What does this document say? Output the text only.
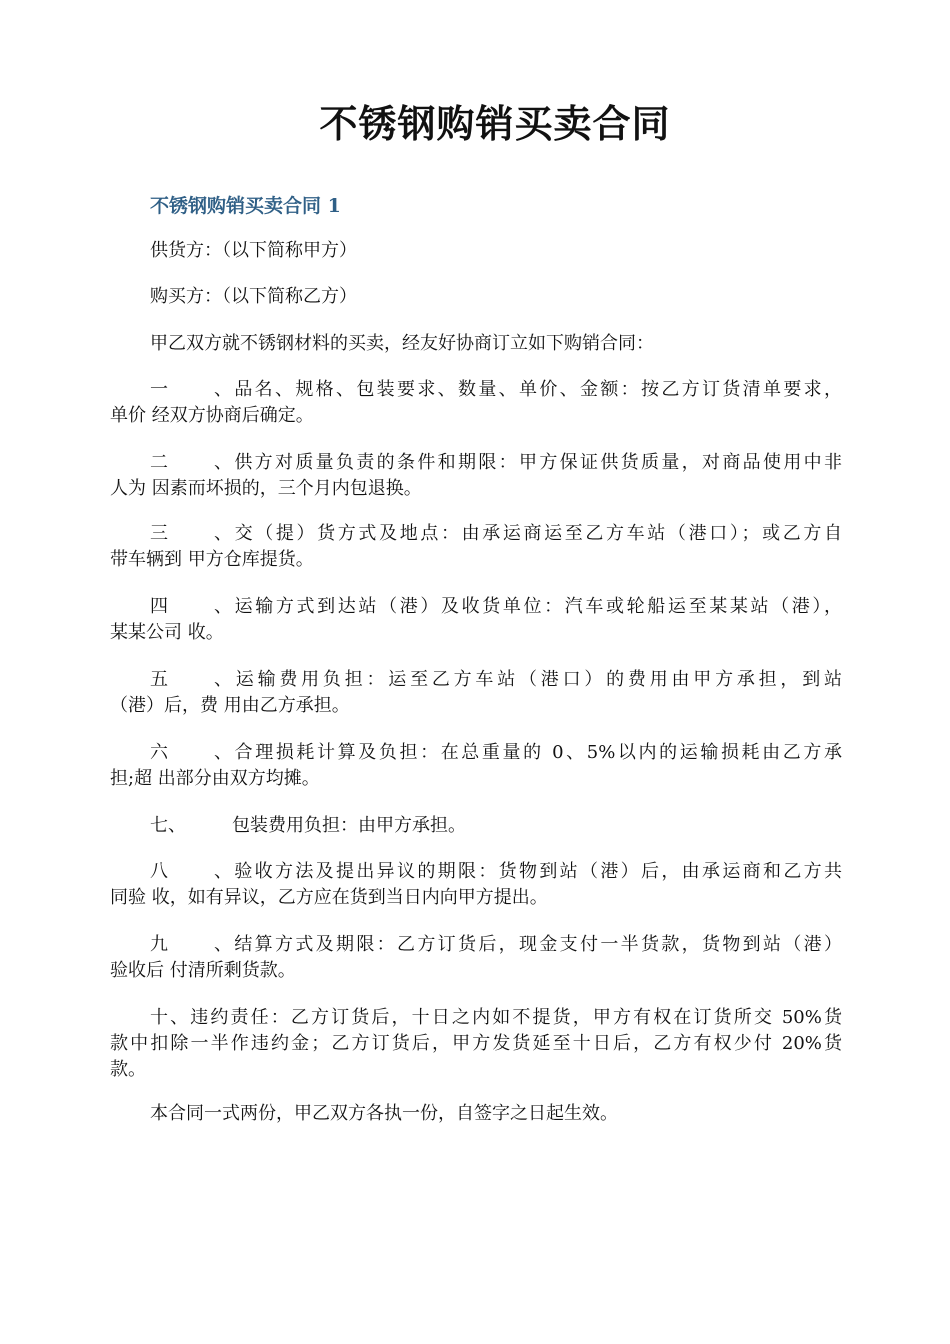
不锈钢购销买卖合同
不锈钢购销买卖合同 1

供货方：（以下简称甲方）

购买方：（以下简称乙方）

甲乙双方就不锈钢材料的买卖，经友好协商订立如下购销合同：

一、品名、规格、包装要求、数量、单价、金额：按乙方订货清单要求，
单价 经双方协商后确定。

二、供方对质量负责的条件和期限：甲方保证供货质量，对商品使用中非
人为 因素而坏损的，三个月内包退换。

三、交（提）货方式及地点：由承运商运至乙方车站（港口）；或乙方自
带车辆到 甲方仓库提货。

四、运输方式到达站（港）及收货单位：汽车或轮船运至某某站（港），
某某公司 收。

五、运输费用负担：运至乙方车站（港口）的费用由甲方承担，到站
（港）后，费 用由乙方承担。

六、合理损耗计算及负担：在总重量的 0、5%以内的运输损耗由乙方承
担;超 出部分由双方均摊。

七、	包装费用负担：由甲方承担。

八、验收方法及提出异议的期限：货物到站（港）后，由承运商和乙方共
同验 收，如有异议，乙方应在货到当日内向甲方提出。

九、结算方式及期限：乙方订货后，现金支付一半货款，货物到站（港）
验收后 付清所剩货款。

十、违约责任：乙方订货后，十日之内如不提货，甲方有权在订货所交 50%货
款中扣除一半作违约金；乙方订货后，甲方发货延至十日后，乙方有权少付 20%货
款。

本合同一式两份，甲乙双方各执一份，自签字之日起生效。
